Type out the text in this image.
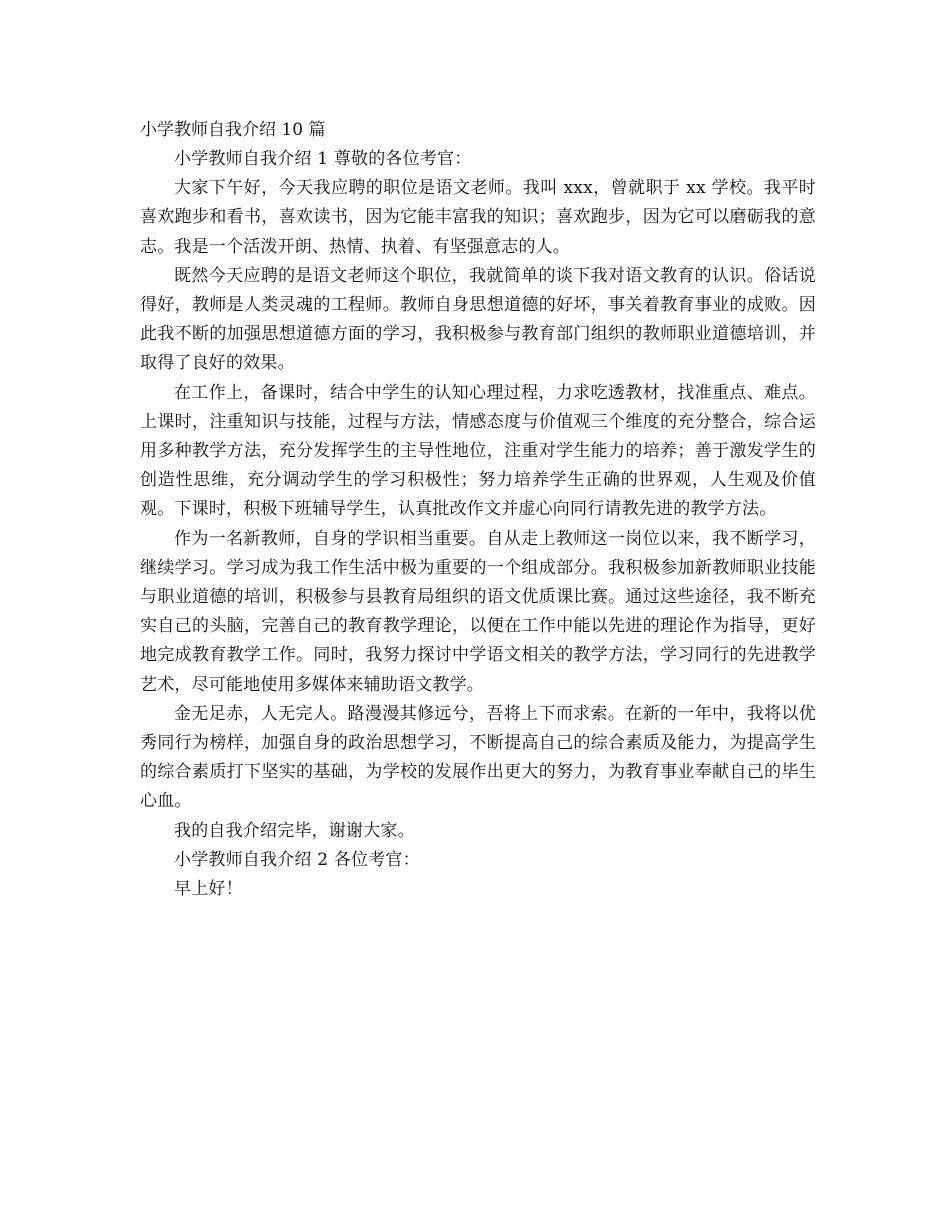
小学教师自我介绍 10 篇

小学教师自我介绍 1 尊敬的各位考官：

大家下午好，今天我应聘的职位是语文老师。我叫 xxx，曾就职于 xx 学校。我平时喜欢跑步和看书，喜欢读书，因为它能丰富我的知识；喜欢跑步，因为它可以磨砺我的意志。我是一个活泼开朗、热情、执着、有坚强意志的人。

既然今天应聘的是语文老师这个职位，我就简单的谈下我对语文教育的认识。俗话说得好，教师是人类灵魂的工程师。教师自身思想道德的好坏，事关着教育事业的成败。因此我不断的加强思想道德方面的学习，我积极参与教育部门组织的教师职业道德培训，并取得了良好的效果。

在工作上，备课时，结合中学生的认知心理过程，力求吃透教材，找准重点、难点。上课时，注重知识与技能，过程与方法，情感态度与价值观三个维度的充分整合，综合运用多种教学方法，充分发挥学生的主导性地位，注重对学生能力的培养；善于激发学生的创造性思维，充分调动学生的学习积极性；努力培养学生正确的世界观，人生观及价值观。下课时，积极下班辅导学生，认真批改作文并虚心向同行请教先进的教学方法。

作为一名新教师，自身的学识相当重要。自从走上教师这一岗位以来，我不断学习，继续学习。学习成为我工作生活中极为重要的一个组成部分。我积极参加新教师职业技能与职业道德的培训，积极参与县教育局组织的语文优质课比赛。通过这些途径，我不断充实自己的头脑，完善自己的教育教学理论，以便在工作中能以先进的理论作为指导，更好地完成教育教学工作。同时，我努力探讨中学语文相关的教学方法，学习同行的先进教学艺术，尽可能地使用多媒体来辅助语文教学。

金无足赤，人无完人。路漫漫其修远兮，吾将上下而求索。在新的一年中，我将以优秀同行为榜样，加强自身的政治思想学习，不断提高自己的综合素质及能力，为提高学生的综合素质打下坚实的基础，为学校的发展作出更大的努力，为教育事业奉献自己的毕生心血。

我的自我介绍完毕，谢谢大家。

小学教师自我介绍 2 各位考官：

早上好！
